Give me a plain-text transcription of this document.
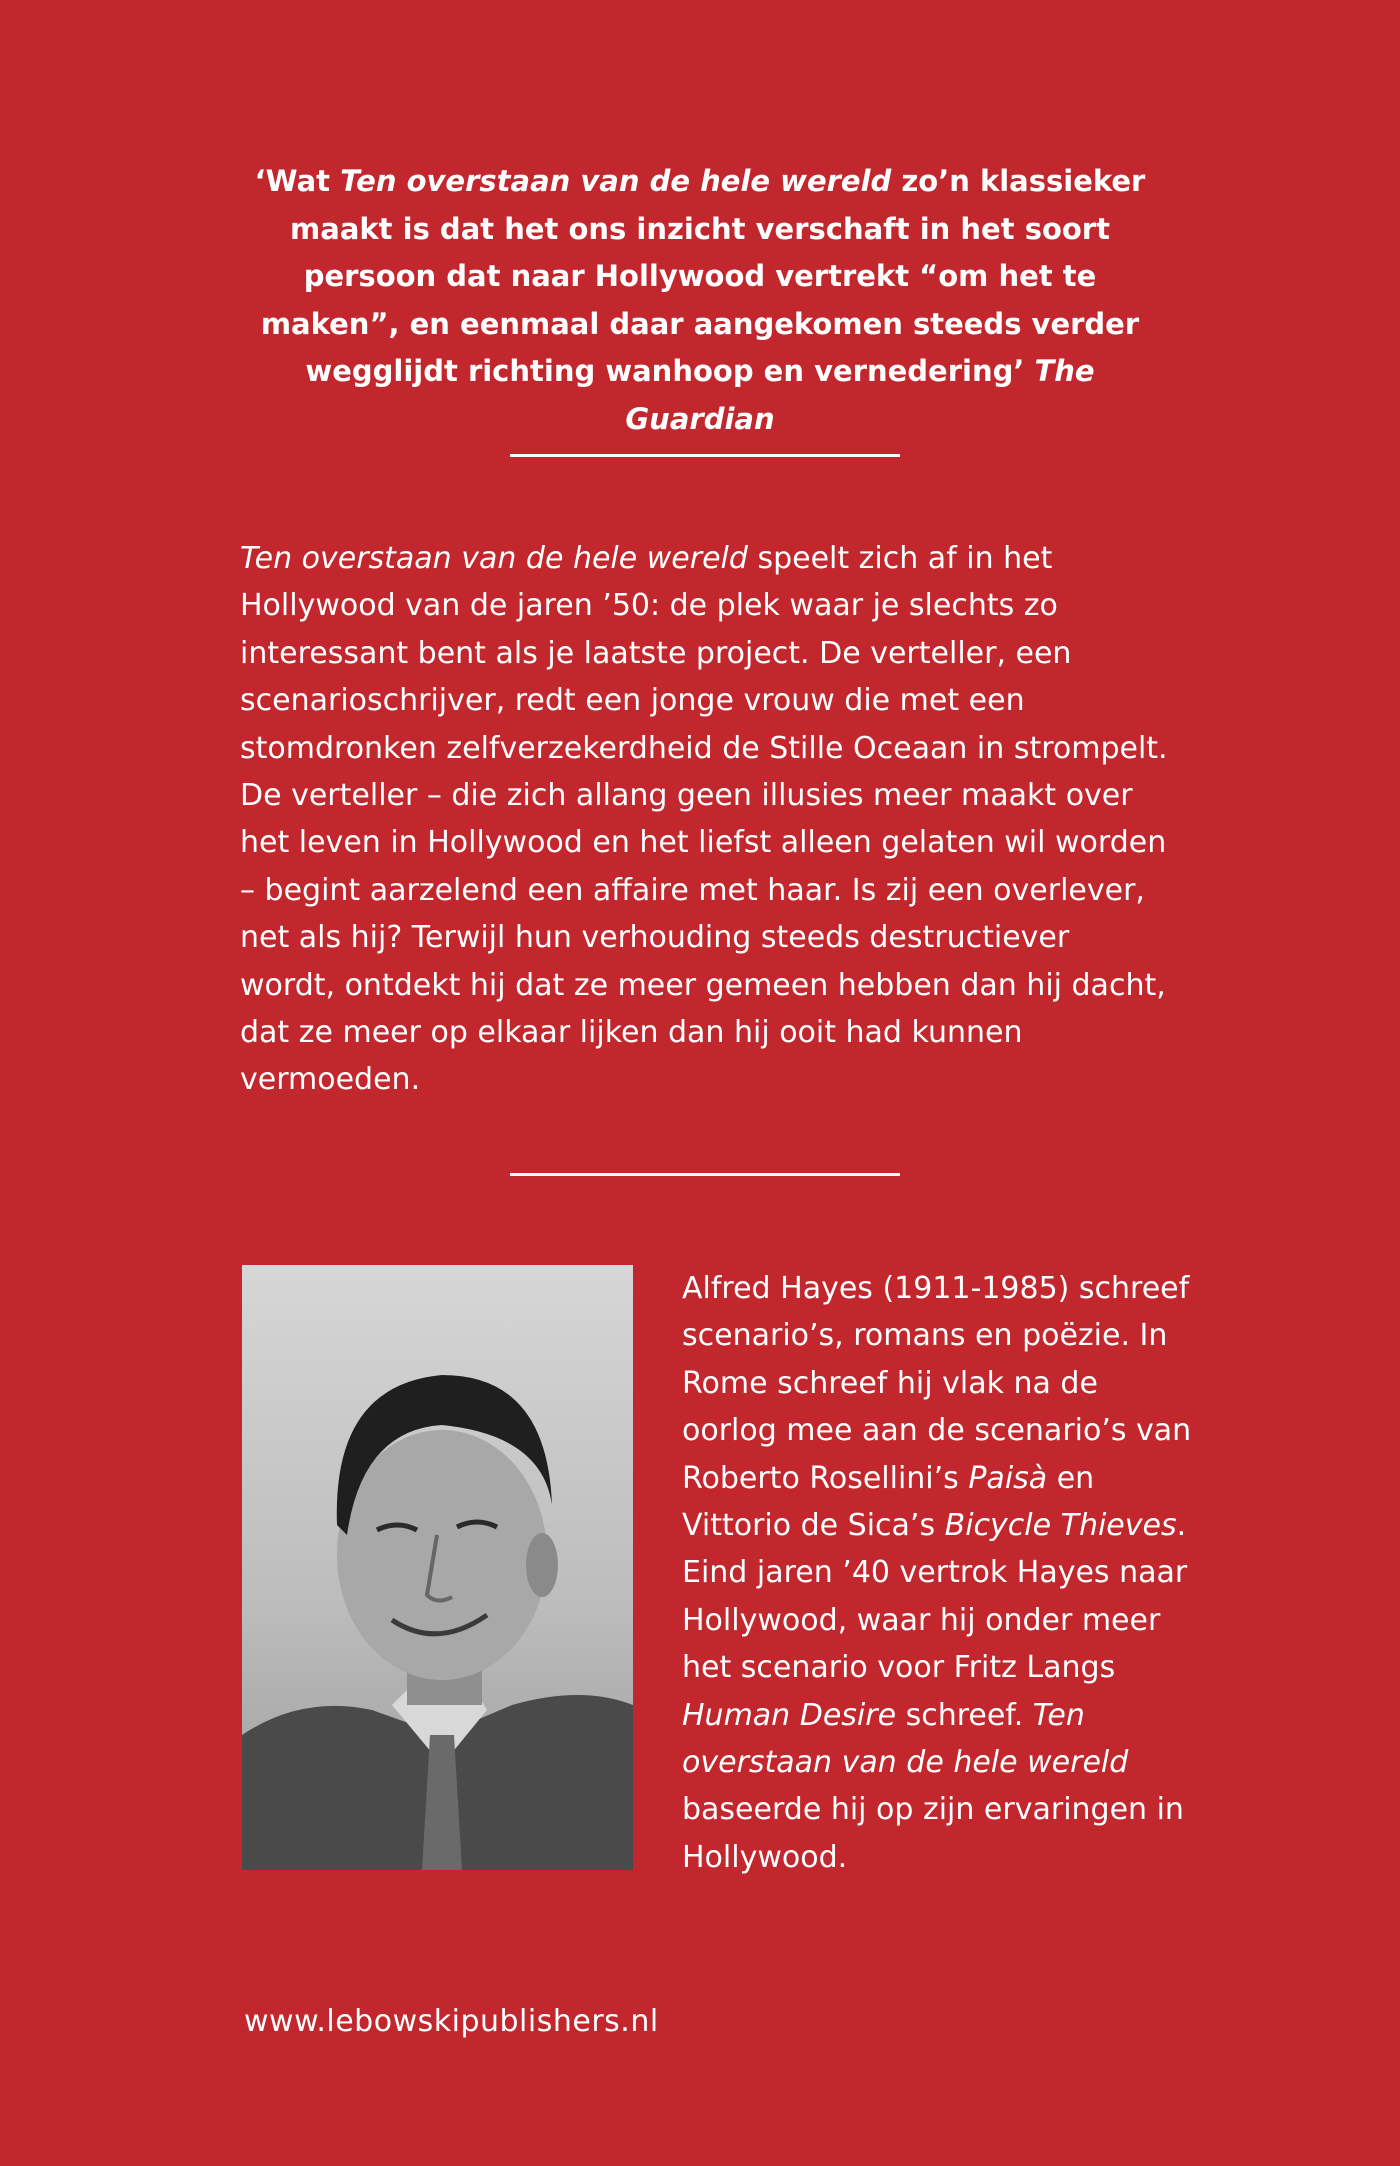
‘Wat Ten overstaan van de hele wereld zo’n klassieker maakt is dat het ons inzicht verschaft in het soort persoon dat naar Hollywood vertrekt “om het te maken”, en eenmaal daar aangekomen steeds verder wegglijdt richting wanhoop en vernedering’ The Guardian
Ten overstaan van de hele wereld speelt zich af in het Hollywood van de jaren ’50: de plek waar je slechts zo interessant bent als je laatste project. De verteller, een scenarioschrijver, redt een jonge vrouw die met een stomdronken zelfverzekerdheid de Stille Oceaan in strompelt. De verteller – die zich allang geen illusies meer maakt over het leven in Hollywood en het liefst alleen gelaten wil worden – begint aarzelend een affaire met haar. Is zij een overlever, net als hij? Terwijl hun verhouding steeds destructiever wordt, ontdekt hij dat ze meer gemeen hebben dan hij dacht, dat ze meer op elkaar lijken dan hij ooit had kunnen vermoeden.
Alfred Hayes (1911-1985) schreef scenario’s, romans en poëzie. In Rome schreef hij vlak na de oorlog mee aan de scenario’s van Roberto Rosellini’s Paisà en Vittorio de Sica’s Bicycle Thieves. Eind jaren ’40 vertrok Hayes naar Hollywood, waar hij onder meer het scenario voor Fritz Langs Human Desire schreef. Ten overstaan van de hele wereld baseerde hij op zijn ervaringen in Hollywood.
www.lebowskipublishers.nl
